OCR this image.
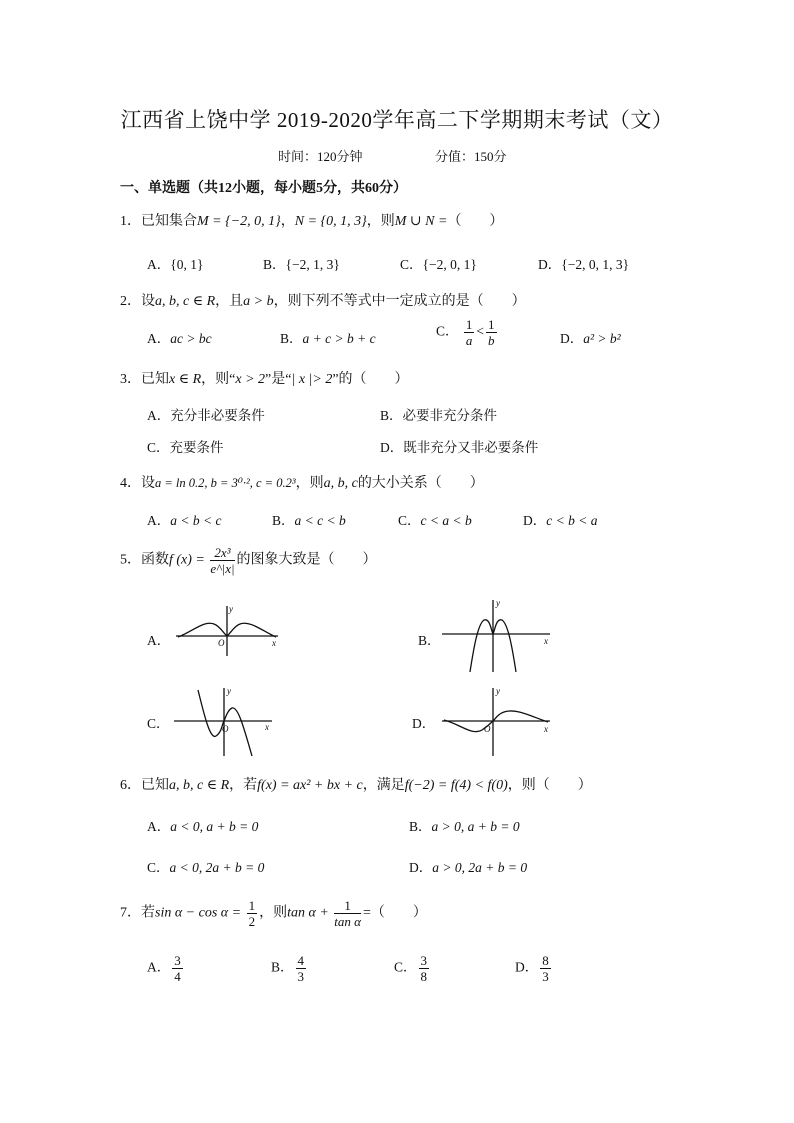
江西省上饶中学 2019-2020学年高二下学期期末考试（文）
时间：120分钟	分值：150分
一、单选题（共12小题，每小题5分，共60分）
1．已知集合M = {−2, 0, 1}，N = {0, 1, 3}，则M ∪ N =（　　）
A．{0, 1}	B．{−2, 1, 3}	C．{−2, 0, 1}	D．{−2, 0, 1, 3}
2．设a, b, c ∈ R，且a > b，则下列不等式中一定成立的是（　　）
A．ac > bc	B．a + c > b + c	C． $\frac{1}{a} < \frac{1}{b}$	D．a² > b²
3．已知x ∈ R，则“x > 2”是“| x |> 2”的（　　）
A．充分非必要条件	B．必要非充分条件
C．充要条件	D．既非充分又非必要条件
4．设a = ln 0.2, b = 3⁰·², c = 0.2³，则a, b, c的大小关系（　　）
A．a < b < c	B．a < c < b	C．c < a < b	D．c < b < a
5．函数f $(x) = \frac{\text{2x³}}{e\^{}|x|}$ 的图象大致是（　　）
A．
y
x
O	B．
y
x
C．
y
x
O	D．
y
x
O
6．已知a, b, c ∈ R，若f(x) = ax² + bx + c，满足f(−2) = f(4) < f(0)，则（　　）
A．a < 0, a + b = 0	B．a > 0, a + b = 0
C．a < 0, 2a + b = 0	D．a > 0, 2a + b = 0
7．若$\sin \alpha - \cos \alpha = \frac{1}{2}$ ，则$\tan \alpha + \frac{1}{\text{tan α}}$ =（　　）
A． $\frac{3}{4}$	B． $\frac{4}{3}$	C． $\frac{3}{8}$	D． $\frac{8}{3}$
